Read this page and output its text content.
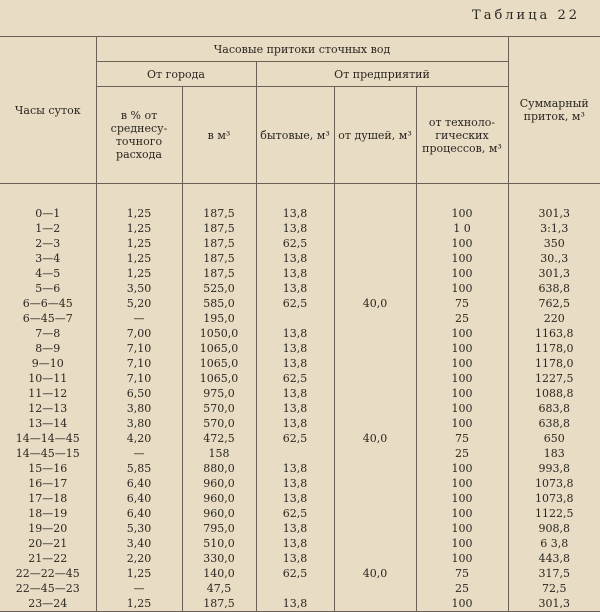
Таблица 22
Часы суток	Часовые притоки сточных вод					Суммарный приток, м³
	От города		От предприятий			
	в % от среднесу- точного расхода	в м³	бытовые, м³	от душей, м³	от техноло- гических процессов, м³	

0—1	1,25	187,5	13,8		100	301,3
1—2	1,25	187,5	13,8		1 0	3:1,3
2—3	1,25	187,5	62,5		100	350
3—4	1,25	187,5	13,8		100	30.,3
4—5	1,25	187,5	13,8		100	301,3
5—6	3,50	525,0	13,8		100	638,8
6—6—45	5,20	585,0	62,5	40,0	75	762,5
6—45—7	—	195,0			25	220
7—8	7,00	1050,0	13,8		100	1163,8
8—9	7,10	1065,0	13,8		100	1178,0
9—10	7,10	1065,0	13,8		100	1178,0
10—11	7,10	1065,0	62,5		100	1227,5
11—12	6,50	975,0	13,8		100	1088,8
12—13	3,80	570,0	13,8		100	683,8
13—14	3,80	570,0	13,8		100	638,8
14—14—45	4,20	472,5	62,5	40,0	75	650
14—45—15	—	158			25	183
15—16	5,85	880,0	13,8		100	993,8
16—17	6,40	960,0	13,8		100	1073,8
17—18	6,40	960,0	13,8		100	1073,8
18—19	6,40	960,0	62,5		100	1122,5
19—20	5,30	795,0	13,8		100	908,8
20—21	3,40	510,0	13,8		100	6 3,8
21—22	2,20	330,0	13,8		100	443,8
22—22—45	1,25	140,0	62,5	40,0	75	317,5
22—45—23	—	47,5			25	72,5
23—24	1,25	187,5	13,8		100	301,3
